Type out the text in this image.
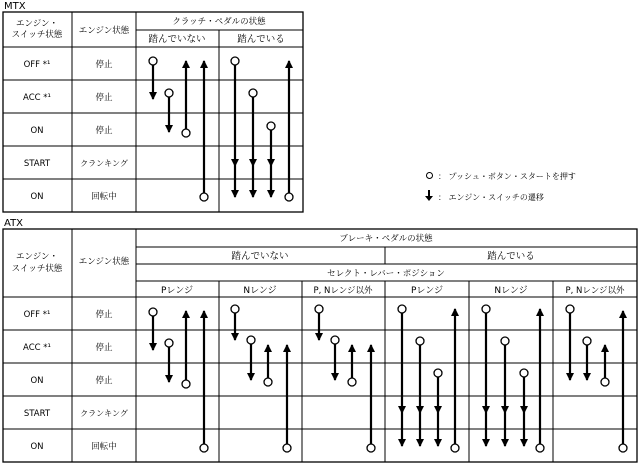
MTX
ATX
エンジン・
スイッチ状態 エンジン状態
クラッチ・ペダルの状態
踏んでいない	踏んでいる
OFF *¹	停止
ACC *¹	停止
ON	停止
START	クランキング
ON	回転中
エンジン・
スイッチ状態
エンジン状態
ブレーキ・ペダルの状態
踏んでいない	踏んでいる
セレクト・レバー・ポジション
Pレンジ	Nレンジ	P, Nレンジ以外	Pレンジ	Nレンジ	P, Nレンジ以外
OFF *¹	停止
ACC *¹	停止
ON	停止
START	クランキング
ON	回転中
： プッシュ・ボタン・スタートを押す
： エンジン・スイッチの遷移
